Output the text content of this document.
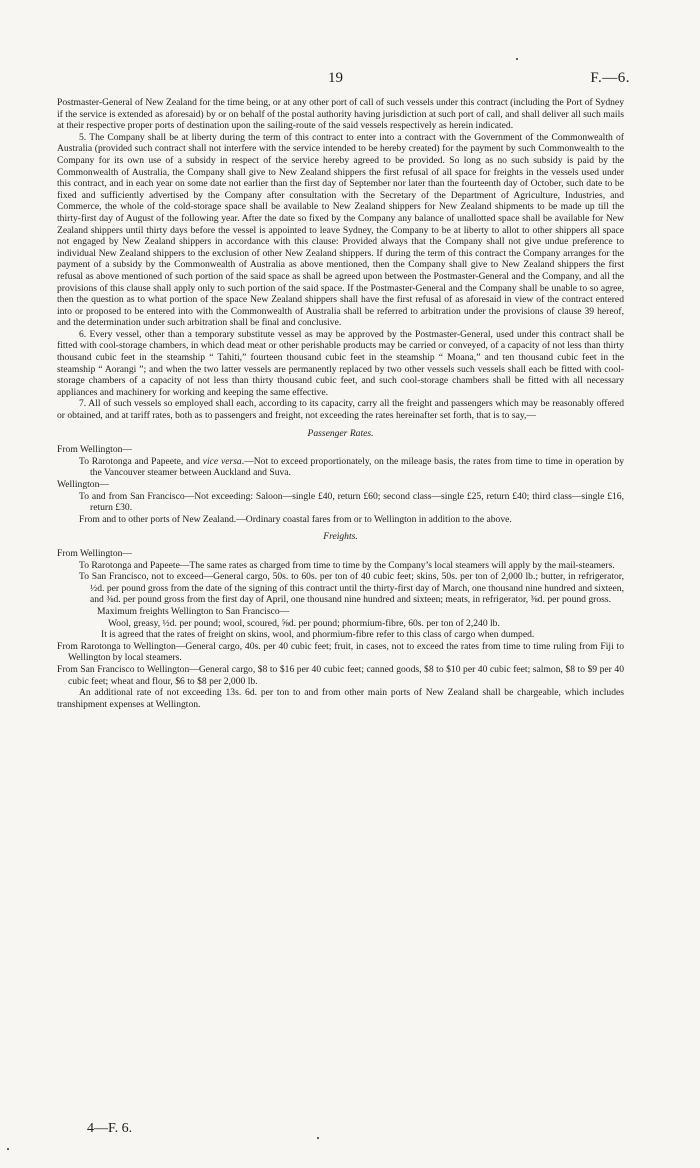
19	F.—6.

Postmaster-General of New Zealand for the time being, or at any other port of call of such vessels under this contract (including the Port of Sydney if the service is extended as aforesaid) by or on behalf of the postal authority having jurisdiction at such port of call, and shall deliver all such mails at their respective proper ports of destination upon the sailing-route of the said vessels respectively as herein indicated.

5. The Company shall be at liberty during the term of this contract to enter into a contract with the Government of the Commonwealth of Australia (provided such contract shall not interfere with the service intended to be hereby created) for the payment by such Commonwealth to the Company for its own use of a subsidy in respect of the service hereby agreed to be provided. So long as no such subsidy is paid by the Commonwealth of Australia, the Company shall give to New Zealand shippers the first refusal of all space for freights in the vessels used under this contract, and in each year on some date not earlier than the first day of September nor later than the fourteenth day of October, such date to be fixed and sufficiently advertised by the Company after consultation with the Secretary of the Department of Agriculture, Industries, and Commerce, the whole of the cold-storage space shall be available to New Zealand shippers for New Zealand shipments to be made up till the thirty-first day of August of the following year. After the date so fixed by the Company any balance of unallotted space shall be available for New Zealand shippers until thirty days before the vessel is appointed to leave Sydney, the Company to be at liberty to allot to other shippers all space not engaged by New Zealand shippers in accordance with this clause: Provided always that the Company shall not give undue preference to individual New Zealand shippers to the exclusion of other New Zealand shippers. If during the term of this contract the Company arranges for the payment of a subsidy by the Commonwealth of Australia as above mentioned, then the Company shall give to New Zealand shippers the first refusal as above mentioned of such portion of the said space as shall be agreed upon between the Postmaster-General and the Company, and all the provisions of this clause shall apply only to such portion of the said space. If the Postmaster-General and the Company shall be unable to so agree, then the question as to what portion of the space New Zealand shippers shall have the first refusal of as aforesaid in view of the contract entered into or proposed to be entered into with the Commonwealth of Australia shall be referred to arbitration under the provisions of clause 39 hereof, and the determination under such arbitration shall be final and conclusive.

6. Every vessel, other than a temporary substitute vessel as may be approved by the Postmaster-General, used under this contract shall be fitted with cool-storage chambers, in which dead meat or other perishable products may be carried or conveyed, of a capacity of not less than thirty thousand cubic feet in the steamship “ Tahiti,” fourteen thousand cubic feet in the steamship “ Moana,” and ten thousand cubic feet in the steamship “ Aorangi ”; and when the two latter vessels are permanently replaced by two other vessels such vessels shall each be fitted with cool-storage chambers of a capacity of not less than thirty thousand cubic feet, and such cool-storage chambers shall be fitted with all necessary appliances and machinery for working and keeping the same effective.

7. All of such vessels so employed shall each, according to its capacity, carry all the freight and passengers which may be reasonably offered or obtained, and at tariff rates, both as to passengers and freight, not exceeding the rates hereinafter set forth, that is to say,—

Passenger Rates.

From Wellington—

To Rarotonga and Papeete, and vice versa.—Not to exceed proportionately, on the mileage basis, the rates from time to time in operation by the Vancouver steamer between Auckland and Suva.

Wellington—

To and from San Francisco—Not exceeding: Saloon—single £40, return £60; second class—single £25, return £40; third class—single £16, return £30.

From and to other ports of New Zealand.—Ordinary coastal fares from or to Wellington in addition to the above.

Freights.

From Wellington—

To Rarotonga and Papeete—The same rates as charged from time to time by the Company’s local steamers will apply by the mail-steamers.

To San Francisco, not to exceed—General cargo, 50s. to 60s. per ton of 40 cubic feet; skins, 50s. per ton of 2,000 lb.; butter, in refrigerator, ½d. per pound gross from the date of the signing of this contract until the thirty-first day of March, one thousand nine hundred and sixteen, and ⅜d. per pound gross from the first day of April, one thousand nine hundred and sixteen; meats, in refrigerator, ⅜d. per pound gross.

Maximum freights Wellington to San Francisco—

Wool, greasy, ½d. per pound; wool, scoured, ⅝d. per pound; phormium-fibre, 60s. per ton of 2,240 lb.

It is agreed that the rates of freight on skins, wool, and phormium-fibre refer to this class of cargo when dumped.

From Rarotonga to Wellington—General cargo, 40s. per 40 cubic feet; fruit, in cases, not to exceed the rates from time to time ruling from Fiji to Wellington by local steamers.

From San Francisco to Wellington—General cargo, $8 to $16 per 40 cubic feet; canned goods, $8 to $10 per 40 cubic feet; salmon, $8 to $9 per 40 cubic feet; wheat and flour, $6 to $8 per 2,000 lb.

An additional rate of not exceeding 13s. 6d. per ton to and from other main ports of New Zealand shall be chargeable, which includes transhipment expenses at Wellington.

4—F. 6.
